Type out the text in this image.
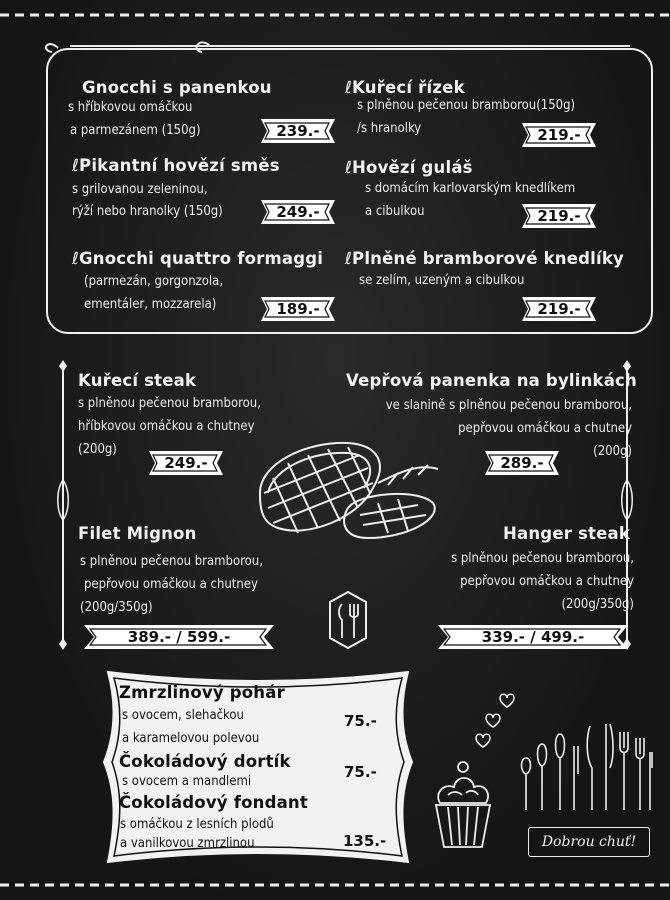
Gnocchi s panenkou
s hříbkovou omáčkou
a parmezánem (150g)	239.-
ℓPikantní hovězí směs
s grilovanou zeleninou,
rýží nebo hranolky (150g)	249.-
ℓGnocchi quattro formaggi
(parmezán, gorgonzola,
ementáler, mozzarela)	189.-
ℓKuřecí řízek
s plněnou pečenou bramborou(150g)
/s hranolky	219.-
ℓHovězí guláš
s domácím karlovarským knedlíkem
a cibulkou	219.-
ℓPlněné bramborové knedlíky
se zelím, uzeným a cibulkou
219.-
Kuřecí steak
s plněnou pečenou bramborou,
hříbkovou omáčkou a chutney
(200g)
249.-
Vepřová panenka na bylinkách
ve slanině s plněnou pečenou bramborou,
pepřovou omáčkou a chutney
(200g)
289.-
Filet Mignon
s plněnou pečenou bramborou,
pepřovou omáčkou a chutney
(200g/350g)
389.- / 599.-
Hanger steak
s plněnou pečenou bramborou,
pepřovou omáčkou a chutney
(200g/350g)
339.- / 499.-
Zmrzlinový pohár
s ovocem, slehačkou
a karamelovou polevou
75.-
Čokoládový dortík
s ovocem a mandlemi
75.-
Čokoládový fondant
s omáčkou z lesních plodů
a vanilkovou zmrzlinou	135.-	Dobrou chuť!
